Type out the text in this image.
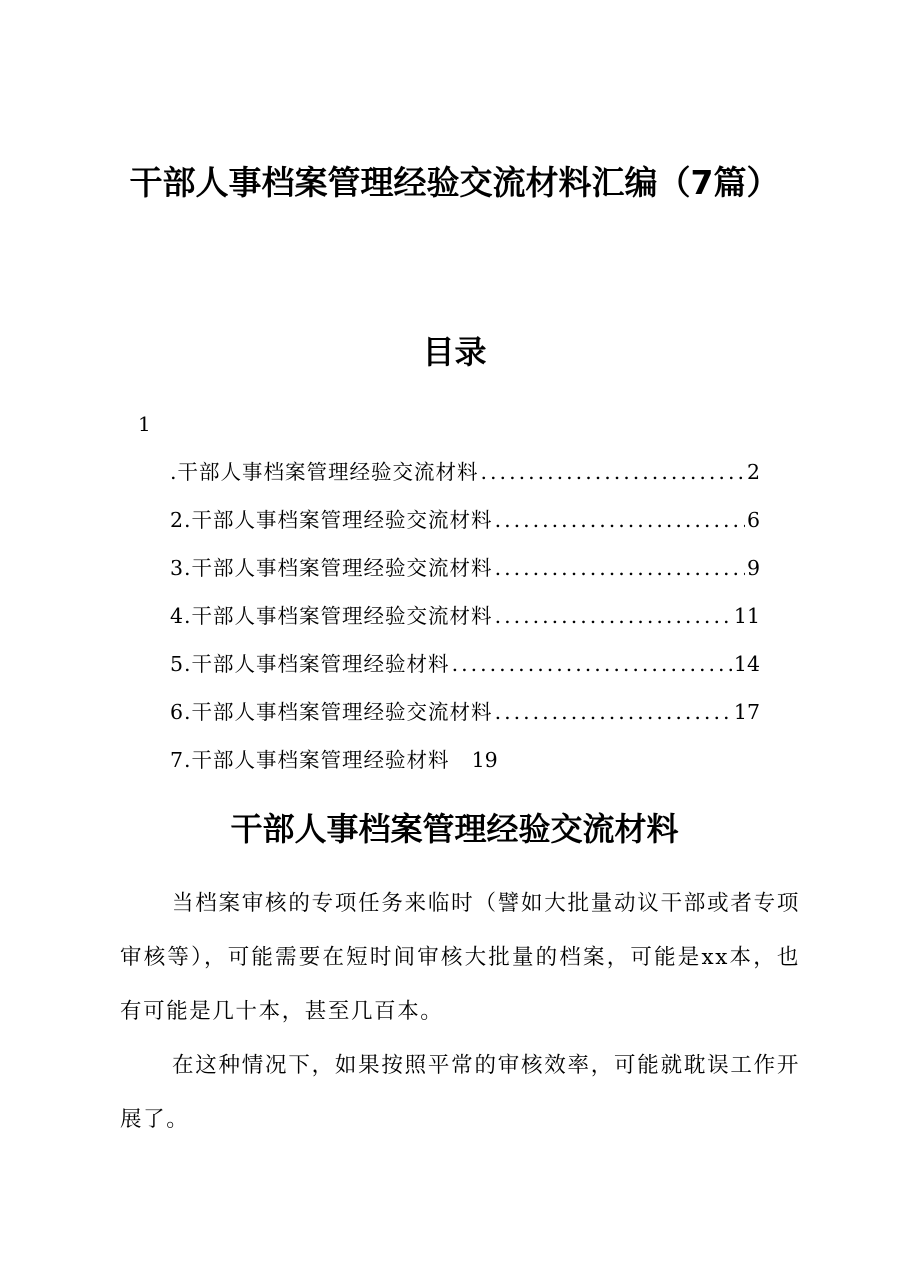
干部人事档案管理经验交流材料汇编（7篇）
目录
1
.干部人事档案管理经验交流材料 .....	2
2.干部人事档案管理经验交流材料 .....	6
3.干部人事档案管理经验交流材料 .....	9
4.干部人事档案管理经验交流材料 .....	11
5.干部人事档案管理经验材料 .....	14
6.干部人事档案管理经验交流材料 .....	17
7.干部人事档案管理经验材料 19
干部人事档案管理经验交流材料

当档案审核的专项任务来临时（譬如大批量动议干部或者专项审核等），可能需要在短时间审核大批量的档案，可能是xx本，也有可能是几十本，甚至几百本。

在这种情况下，如果按照平常的审核效率，可能就耽误工作开展了。
